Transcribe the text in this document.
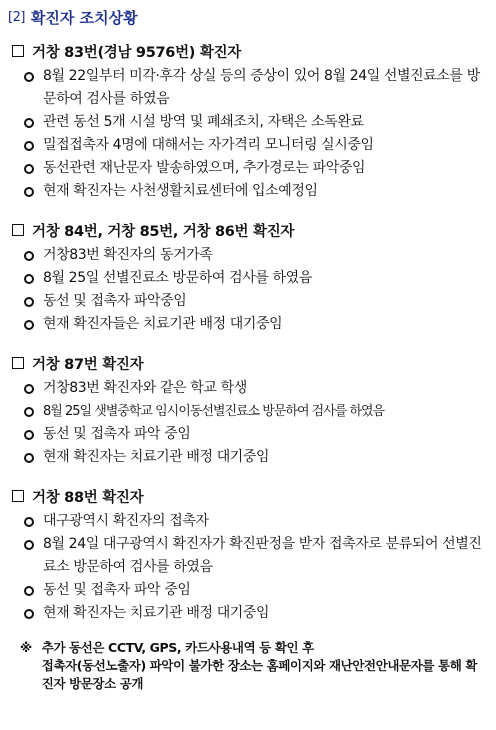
[2] 확진자 조치상황
거창 83번(경남 9576번) 확진자
8월 22일부터 미각·후각 상실 등의 증상이 있어 8월 24일 선별진료소를 방문하여 검사를 하였음
관련 동선 5개 시설 방역 및 폐쇄조치, 자택은 소독완료
밀접접촉자 4명에 대해서는 자가격리 모니터링 실시중임
동선관련 재난문자 발송하였으며, 추가경로는 파악중임
현재 확진자는 사천생활치료센터에 입소예정임
거창 84번, 거창 85번, 거창 86번 확진자
거창83번 확진자의 동거가족
8월 25일 선별진료소 방문하여 검사를 하였음
동선 및 접촉자 파악중임
현재 확진자들은 치료기관 배정 대기중임
거창 87번 확진자
거창83번 확진자와 같은 학교 학생
8월 25일 샛별중학교 임시이동선별진료소 방문하여 검사를 하였음
동선 및 접촉자 파악 중임
현재 확진자는 치료기관 배정 대기중임
거창 88번 확진자
대구광역시 확진자의 접촉자
8월 24일 대구광역시 확진자가 확진판정을 받자 접촉자로 분류되어 선별진료소 방문하여 검사를 하였음
동선 및 접촉자 파악 중임
현재 확진자는 치료기관 배정 대기중임
※ 추가 동선은 CCTV, GPS, 카드사용내역 등 확인 후
접촉자(동선노출자) 파악이 불가한 장소는 홈페이지와 재난안전안내문자를 통해 확진자 방문장소 공개
